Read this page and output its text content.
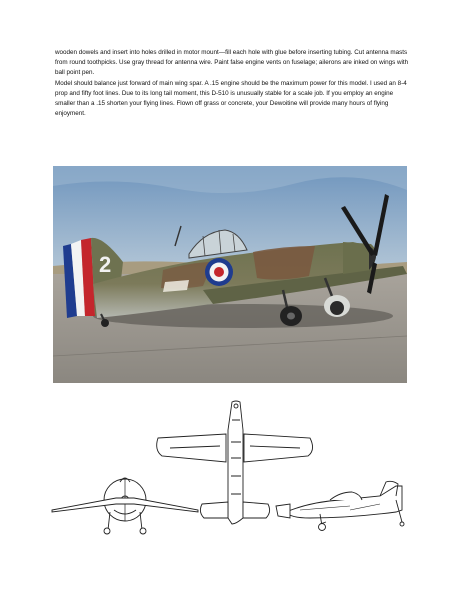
wooden dowels and insert into holes drilled in motor mount—fill each hole with glue before inserting tubing. Cut antenna masts from round toothpicks. Use gray thread for antenna wire. Paint false engine vents on fuselage; ailerons are inked on wings with ball point pen.

Model should balance just forward of main wing spar. A .15 engine should be the maximum power for this model. I used an 8-4 prop and fifty foot lines. Due to its long tail moment, this D-510 is unusually stable for a scale job. If you employ an engine smaller than a .15 shorten your flying lines. Flown off grass or concrete, your Dewoitine will provide many hours of flying enjoyment.

2
